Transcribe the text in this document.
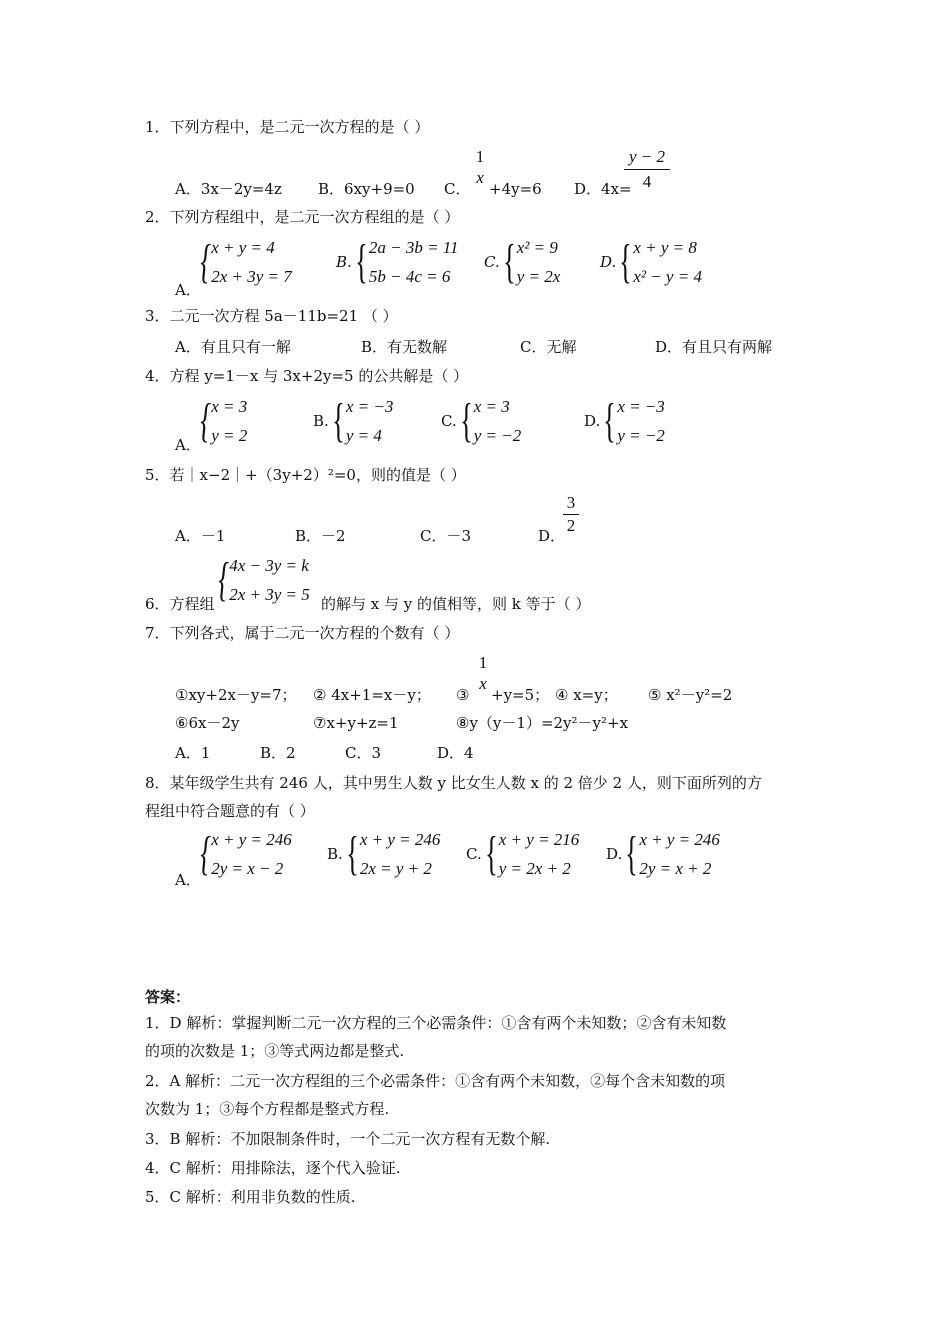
1．下列方程中，是二元一次方程的是（ ）
A．3x－2y=4z B．6xy+9=0 C．
1
x
+4y=6 D．4x=
y − 2
4
2．下列方程组中，是二元一次方程组的是（ ）
A．
{ x + y = 4
2x + 3y = 7
B. { 2a − 3b = 11
5b − 4c = 6
C. { x² = 9
y = 2x
D. { x + y = 8
x² − y = 4
3．二元一次方程 5a－11b=21 （ ）
A．有且只有一解	B．有无数解	C．无解	D．有且只有两解
4．方程 y=1－x 与 3x+2y=5 的公共解是（ ）
A． { x = 3
y = 2
B. { x = −3
y = 4
C. { x = 3
y = −2
D. { x = −3
y = −2
5．若｜x−2｜+（3y+2）²=0，则的值是（ ）
A．－1	B．－2	C．－3	D．
3
2
6．方程组 { 4x − 3y = k
2x + 3y = 5 的解与 x 与 y 的值相等，则 k 等于（ ）
7．下列各式，属于二元一次方程的个数有（ ）
①xy+2x－y=7； ② 4x+1=x－y； ③
1
x
+y=5； ④ x=y； ⑤ x²－y²=2
⑥6x－2y	⑦x+y+z=1	⑧y（y－1）=2y²－y²+x
A．1	B．2	C．3	D．4
8．某年级学生共有 246 人，其中男生人数 y 比女生人数 x 的 2 倍少 2 人，则下面所列的方
程组中符合题意的有（ ）
A． { x + y = 246
2y = x − 2
B. { x + y = 246
2x = y + 2
C. { x + y = 216
y = 2x + 2
D. { x + y = 246
2y = x + 2
答案：
1．D 解析：掌握判断二元一次方程的三个必需条件：①含有两个未知数；②含有未知数
的项的次数是 1；③等式两边都是整式.
2．A 解析：二元一次方程组的三个必需条件：①含有两个未知数，②每个含未知数的项
次数为 1；③每个方程都是整式方程.
3．B 解析：不加限制条件时，一个二元一次方程有无数个解.
4．C 解析：用排除法，逐个代入验证.
5．C 解析：利用非负数的性质.
